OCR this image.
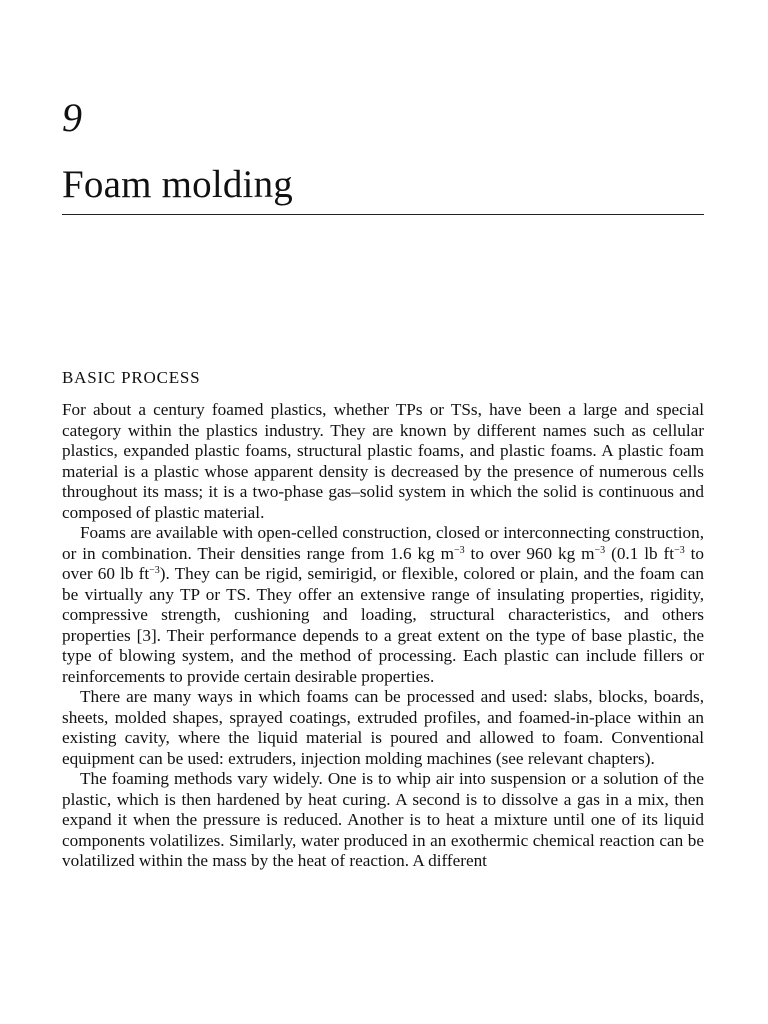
9
Foam molding
BASIC PROCESS

For about a century foamed plastics, whether TPs or TSs, have been a large and special category within the plastics industry. They are known by different names such as cellular plastics, expanded plastic foams, structural plastic foams, and plastic foams. A plastic foam material is a plastic whose apparent density is decreased by the presence of numerous cells throughout its mass; it is a two-phase gas–solid system in which the solid is continuous and composed of plastic material.

Foams are available with open-celled construction, closed or interconnecting construction, or in combination. Their densities range from 1.6 kg $m^{-3}$ to over 960 kg $m^{-3}$ (0.1 lb $ft^{-3}$ to over 60 lb $ft^{-3}$). They can be rigid, semirigid, or flexible, colored or plain, and the foam can be virtually any TP or TS. They offer an extensive range of insulating properties, rigidity, compressive strength, cushioning and loading, structural characteristics, and others properties [3]. Their performance depends to a great extent on the type of base plastic, the type of blowing system, and the method of processing. Each plastic can include fillers or reinforcements to provide certain desirable properties.

There are many ways in which foams can be processed and used: slabs, blocks, boards, sheets, molded shapes, sprayed coatings, extruded profiles, and foamed-in-place within an existing cavity, where the liquid material is poured and allowed to foam. Conventional equipment can be used: extruders, injection molding machines (see relevant chapters).

The foaming methods vary widely. One is to whip air into suspension or a solution of the plastic, which is then hardened by heat curing. A second is to dissolve a gas in a mix, then expand it when the pressure is reduced. Another is to heat a mixture until one of its liquid components volatilizes. Similarly, water produced in an exothermic chemical reaction can be volatilized within the mass by the heat of reaction. A different
